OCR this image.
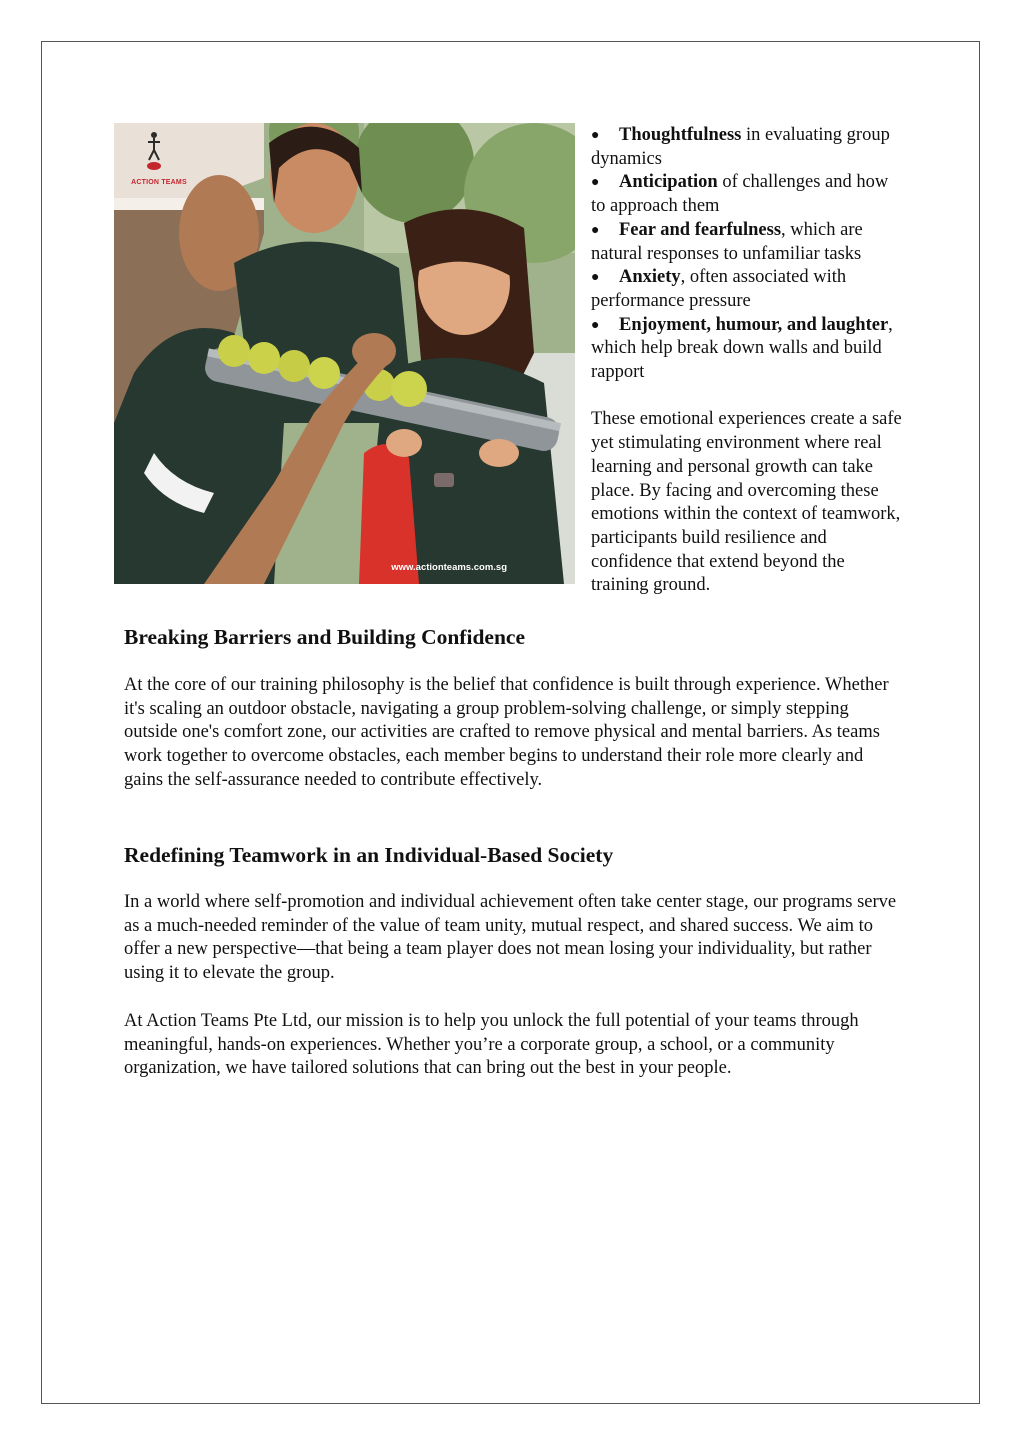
ACTION TEAMS
www.actionteams.com.sg
● Thoughtfulness in evaluating group dynamics
● Anticipation of challenges and how to approach them
● Fear and fearfulness, which are natural responses to unfamiliar tasks
● Anxiety, often associated with performance pressure
● Enjoyment, humour, and laughter, which help break down walls and build rapport

These emotional experiences create a safe yet stimulating environment where real learning and personal growth can take place. By facing and overcoming these emotions within the context of teamwork, participants build resilience and confidence that extend beyond the training ground.

Breaking Barriers and Building Confidence

At the core of our training philosophy is the belief that confidence is built through experience. Whether it's scaling an outdoor obstacle, navigating a group problem-solving challenge, or simply stepping outside one's comfort zone, our activities are crafted to remove physical and mental barriers. As teams work together to overcome obstacles, each member begins to understand their role more clearly and gains the self-assurance needed to contribute effectively.

Redefining Teamwork in an Individual-Based Society

In a world where self-promotion and individual achievement often take center stage, our programs serve as a much-needed reminder of the value of team unity, mutual respect, and shared success. We aim to offer a new perspective—that being a team player does not mean losing your individuality, but rather using it to elevate the group.

At Action Teams Pte Ltd, our mission is to help you unlock the full potential of your teams through meaningful, hands-on experiences. Whether you’re a corporate group, a school, or a community organization, we have tailored solutions that can bring out the best in your people.
